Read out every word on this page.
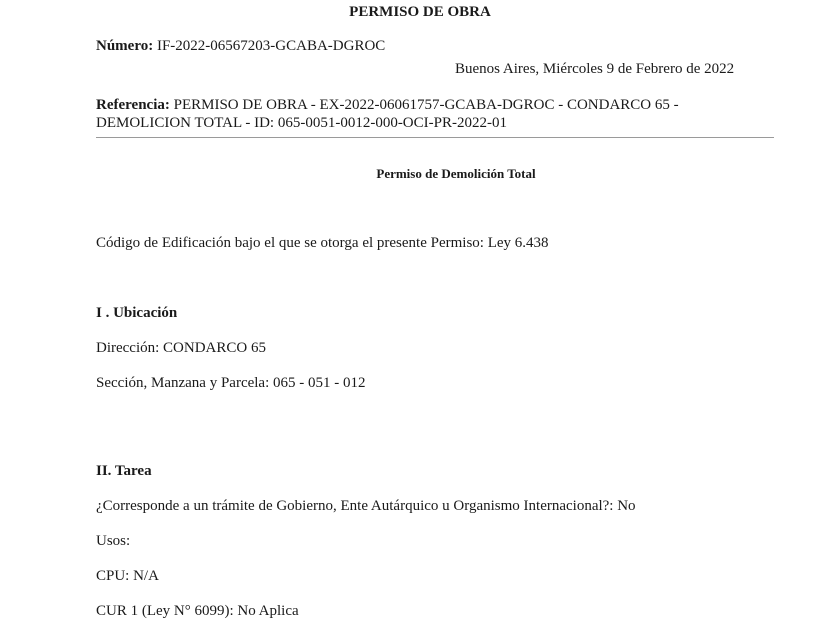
PERMISO DE OBRA
Número: IF-2022-06567203-GCABA-DGROC
Buenos Aires, Miércoles 9 de Febrero de 2022
Referencia: PERMISO DE OBRA - EX-2022-06061757-GCABA-DGROC - CONDARCO 65 -
DEMOLICION TOTAL - ID: 065-0051-0012-000-OCI-PR-2022-01
Permiso de Demolición Total
Código de Edificación bajo el que se otorga el presente Permiso: Ley 6.438
I . Ubicación
Dirección: CONDARCO 65
Sección, Manzana y Parcela: 065 - 051 - 012
II. Tarea
¿Corresponde a un trámite de Gobierno, Ente Autárquico u Organismo Internacional?: No
Usos:
CPU: N/A
CUR 1 (Ley N° 6099): No Aplica
